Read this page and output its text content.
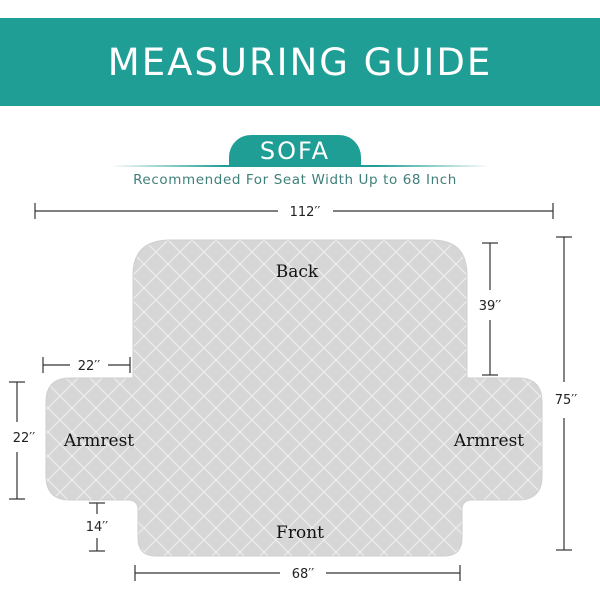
MEASURING GUIDE
SOFA
Recommended For Seat Width Up to 68 Inch
Back
Front
Armrest	Armrest
112′′
39′′
75′′
22′′
22′′
14′′
68′′
